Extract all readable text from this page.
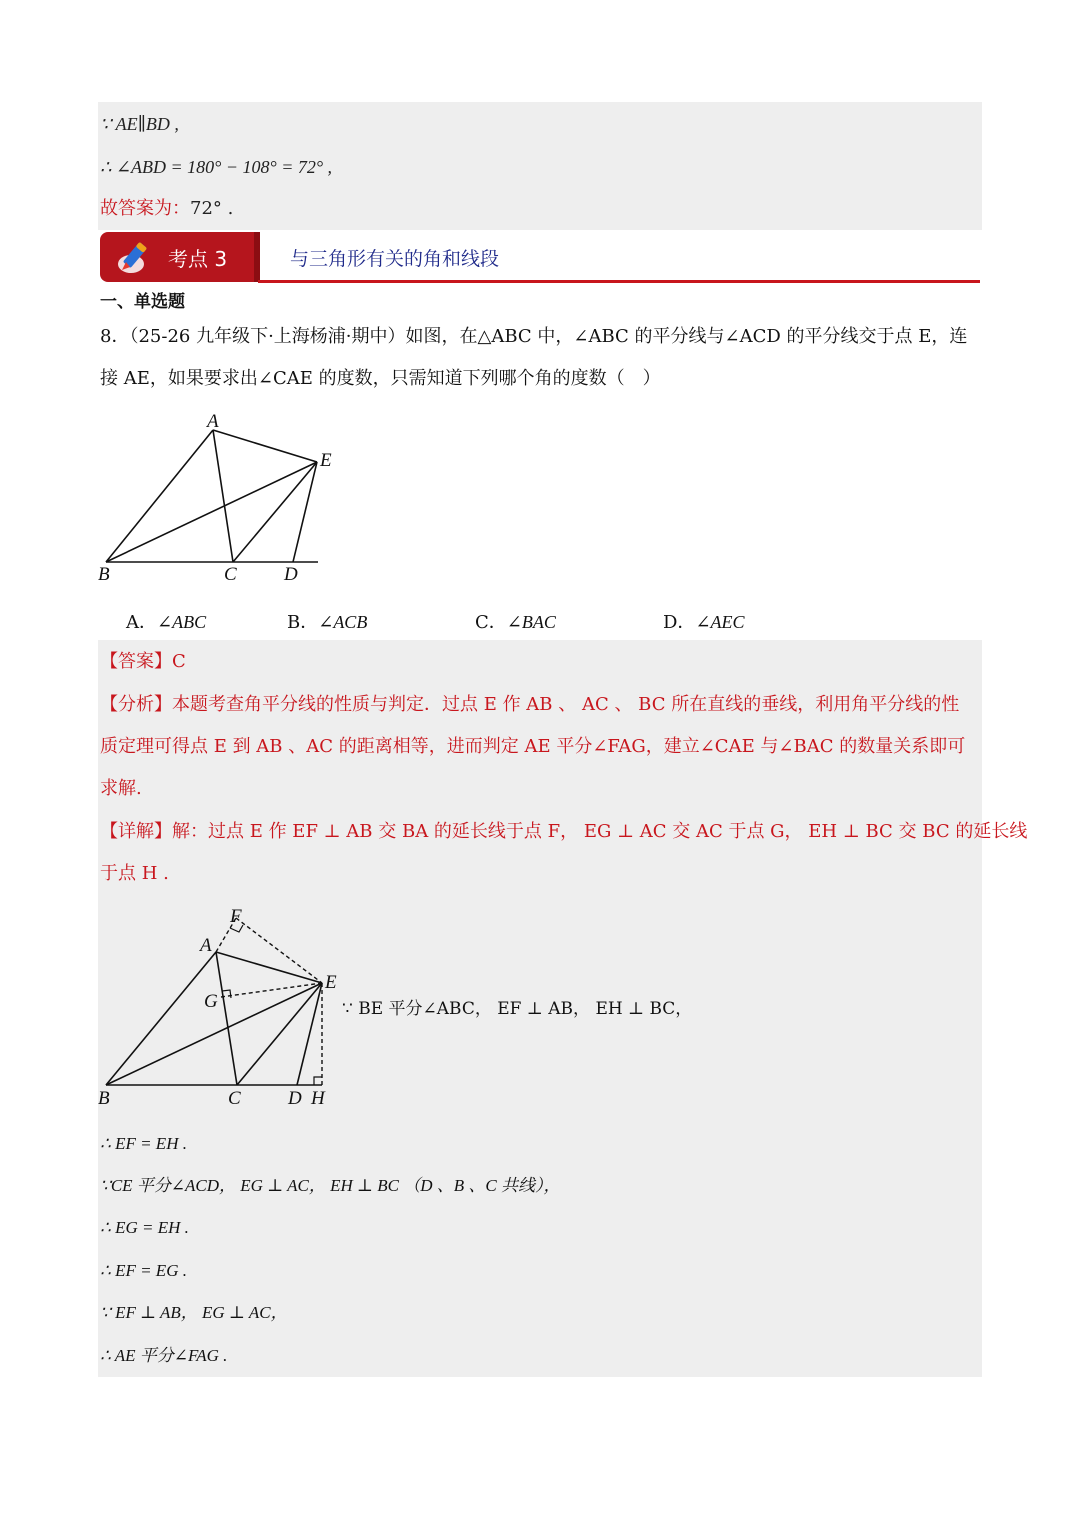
∵ AE∥BD ,
∴ ∠ABD = 180° − 108° = 72° ,
故答案为：72° .
考点 3	与三角形有关的角和线段
一、单选题
8．（25-26 九年级下·上海杨浦·期中）如图，在△ABC 中，∠ABC 的平分线与∠ACD 的平分线交于点 E，连
接 AE，如果要求出∠CAE 的度数，只需知道下列哪个角的度数（　）
A
E
B	C D
A．∠ABC	B．∠ACB	C．∠BAC	D．∠AEC
【答案】C
【分析】本题考查角平分线的性质与判定．过点 E 作 AB 、 AC 、 BC 所在直线的垂线，利用角平分线的性
质定理可得点 E 到 AB 、AC 的距离相等，进而判定 AE 平分∠FAG，建立∠CAE 与∠BAC 的数量关系即可
求解.
【详解】解：过点 E 作 EF ⊥ AB 交 BA 的延长线于点 F， EG ⊥ AC 交 AC 于点 G， EH ⊥ BC 交 BC 的延长线
于点 H .
F
A
E
G
B	C D H
∵ BE 平分∠ABC， EF ⊥ AB， EH ⊥ BC，
∴ EF = EH .
∵CE 平分∠ACD， EG ⊥ AC， EH ⊥ BC （D 、B 、C 共线），
∴ EG = EH .
∴ EF = EG .
∵ EF ⊥ AB， EG ⊥ AC，
∴ AE 平分∠FAG .
